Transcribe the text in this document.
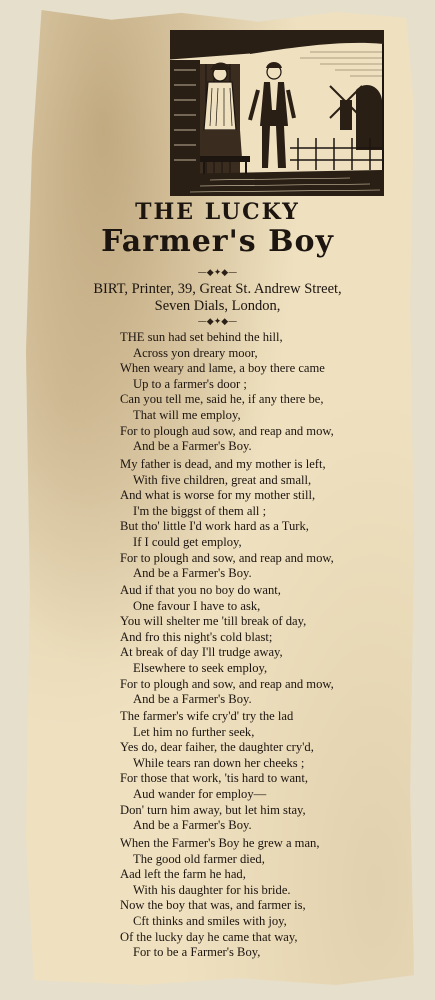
THE LUCKY
Farmer's Boy
—◆✦◆—
BIRT, Printer, 39, Great St. Andrew Street,
Seven Dials, London,
—◆✦◆—
THE sun had set behind the hill,
Across yon dreary moor,
When weary and lame, a boy there came
Up to a farmer's door ;
Can you tell me, said he, if any there be,
That will me employ,
For to plough aud sow, and reap and mow,
And be a Farmer's Boy.
My father is dead, and my mother is left,
With five children, great and small,
And what is worse for my mother still,
I'm the biggst of them all ;
But tho' little I'd work hard as a Turk,
If I could get employ,
For to plough and sow, and reap and mow,
And be a Farmer's Boy.
Aud if that you no boy do want,
One favour I have to ask,
You will shelter me 'till break of day,
And fro this night's cold blast;
At break of day I'll trudge away,
Elsewhere to seek employ,
For to plough and sow, and reap and mow,
And be a Farmer's Boy.
The farmer's wife cry'd' try the lad
Let him no further seek,
Yes do, dear faiher, the daughter cry'd,
While tears ran down her cheeks ;
For those that work, 'tis hard to want,
Aud wander for employ—
Don' turn him away, but let him stay,
And be a Farmer's Boy.
When the Farmer's Boy he grew a man,
The good old farmer died,
Aad left the farm he had,
With his daughter for his bride.
Now the boy that was, and farmer is,
Cft thinks and smiles with joy,
Of the lucky day he came that way,
For to be a Farmer's Boy,
